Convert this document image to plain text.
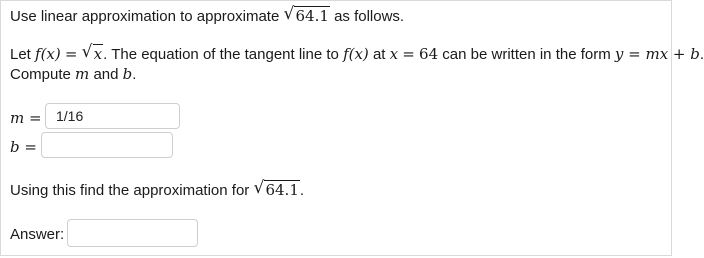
Use linear approximation to approximate √ 64.1 as follows.
Let f(x) = √ x. The equation of the tangent line to f(x) at x = 64 can be written in the form y = mx + b.
Compute m and b.
m =
1/16
b =
Using this find the approximation for √ 64.1.
Answer:
